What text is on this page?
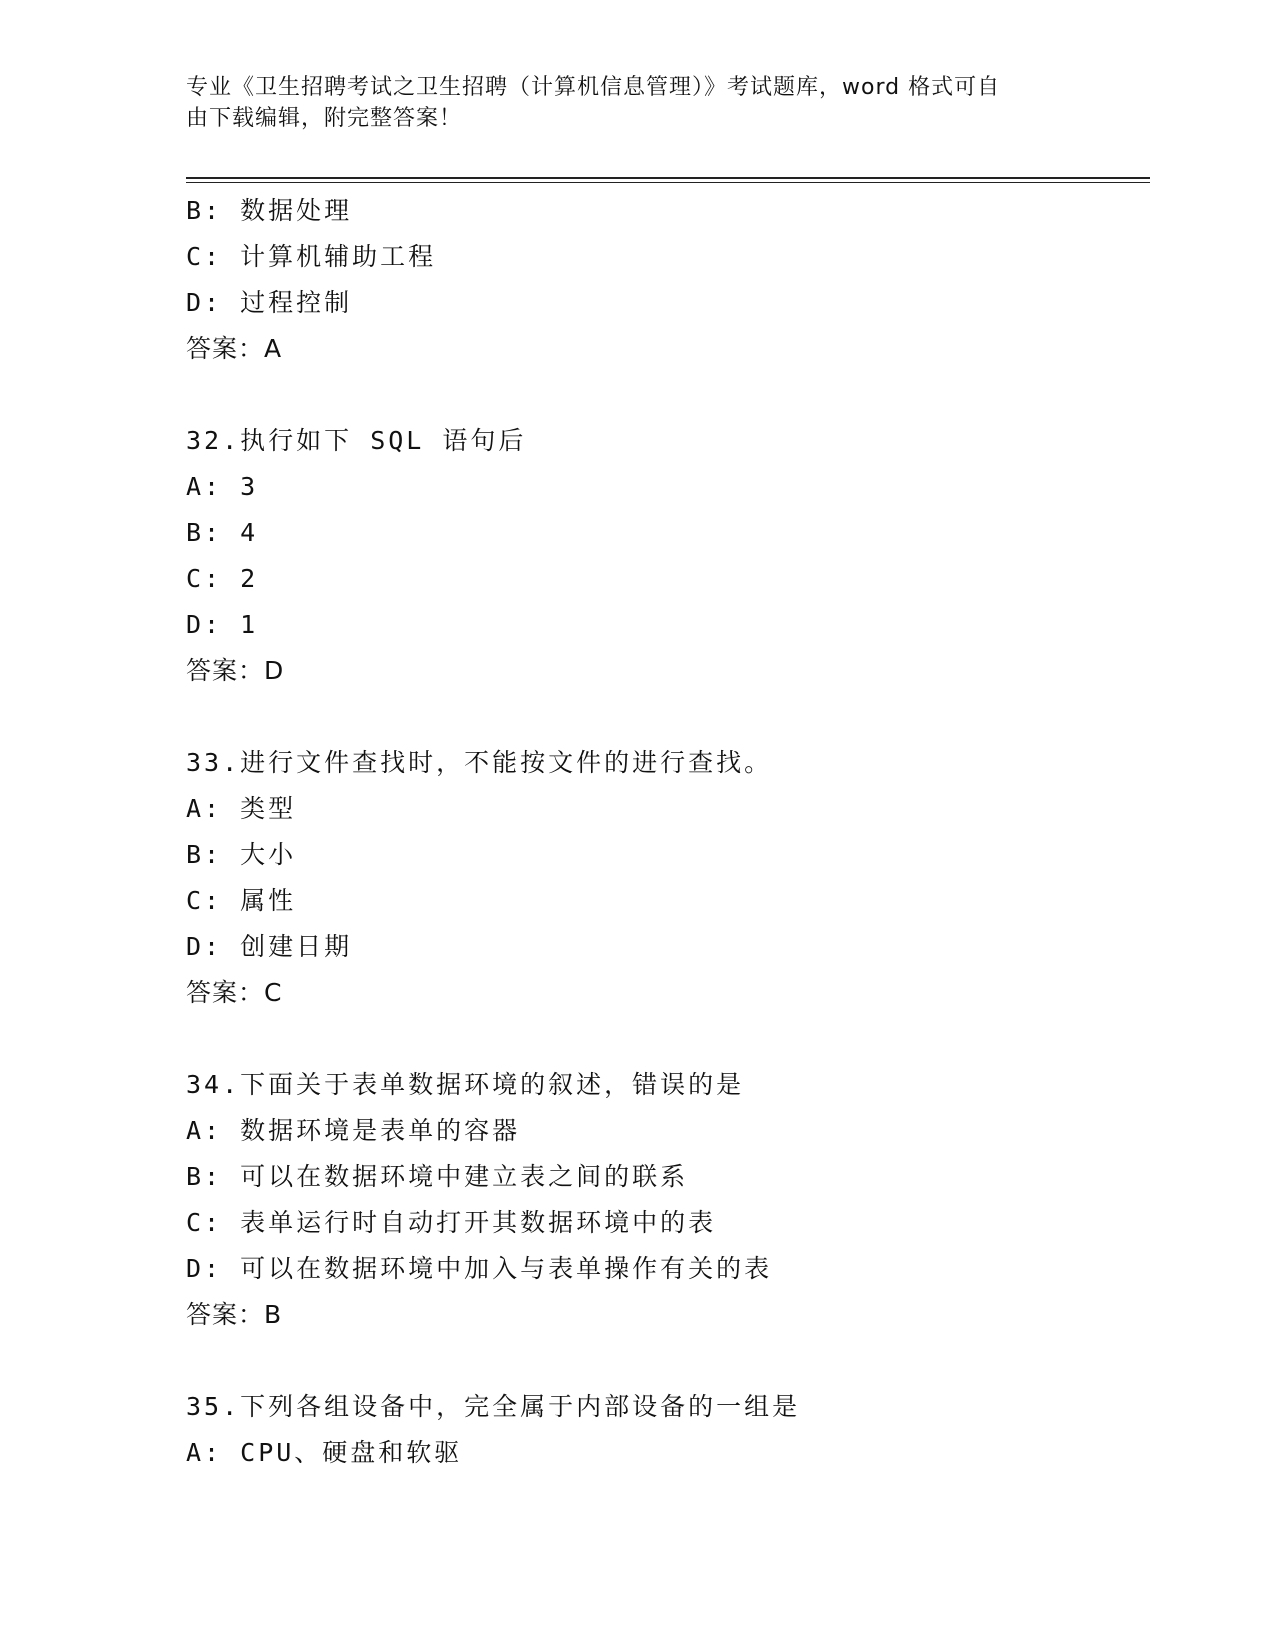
专业《卫生招聘考试之卫生招聘（计算机信息管理）》考试题库，word 格式可自

由下载编辑，附完整答案！

B: 数据处理
C: 计算机辅助工程
D: 过程控制
答案：A
32.执行如下 SQL 语句后
A: 3
B: 4
C: 2
D: 1
答案：D
33.进行文件查找时，不能按文件的进行查找。
A: 类型
B: 大小
C: 属性
D: 创建日期
答案：C
34.下面关于表单数据环境的叙述，错误的是
A: 数据环境是表单的容器
B: 可以在数据环境中建立表之间的联系
C: 表单运行时自动打开其数据环境中的表
D: 可以在数据环境中加入与表单操作有关的表
答案：B
35.下列各组设备中，完全属于内部设备的一组是
A: CPU、硬盘和软驱
